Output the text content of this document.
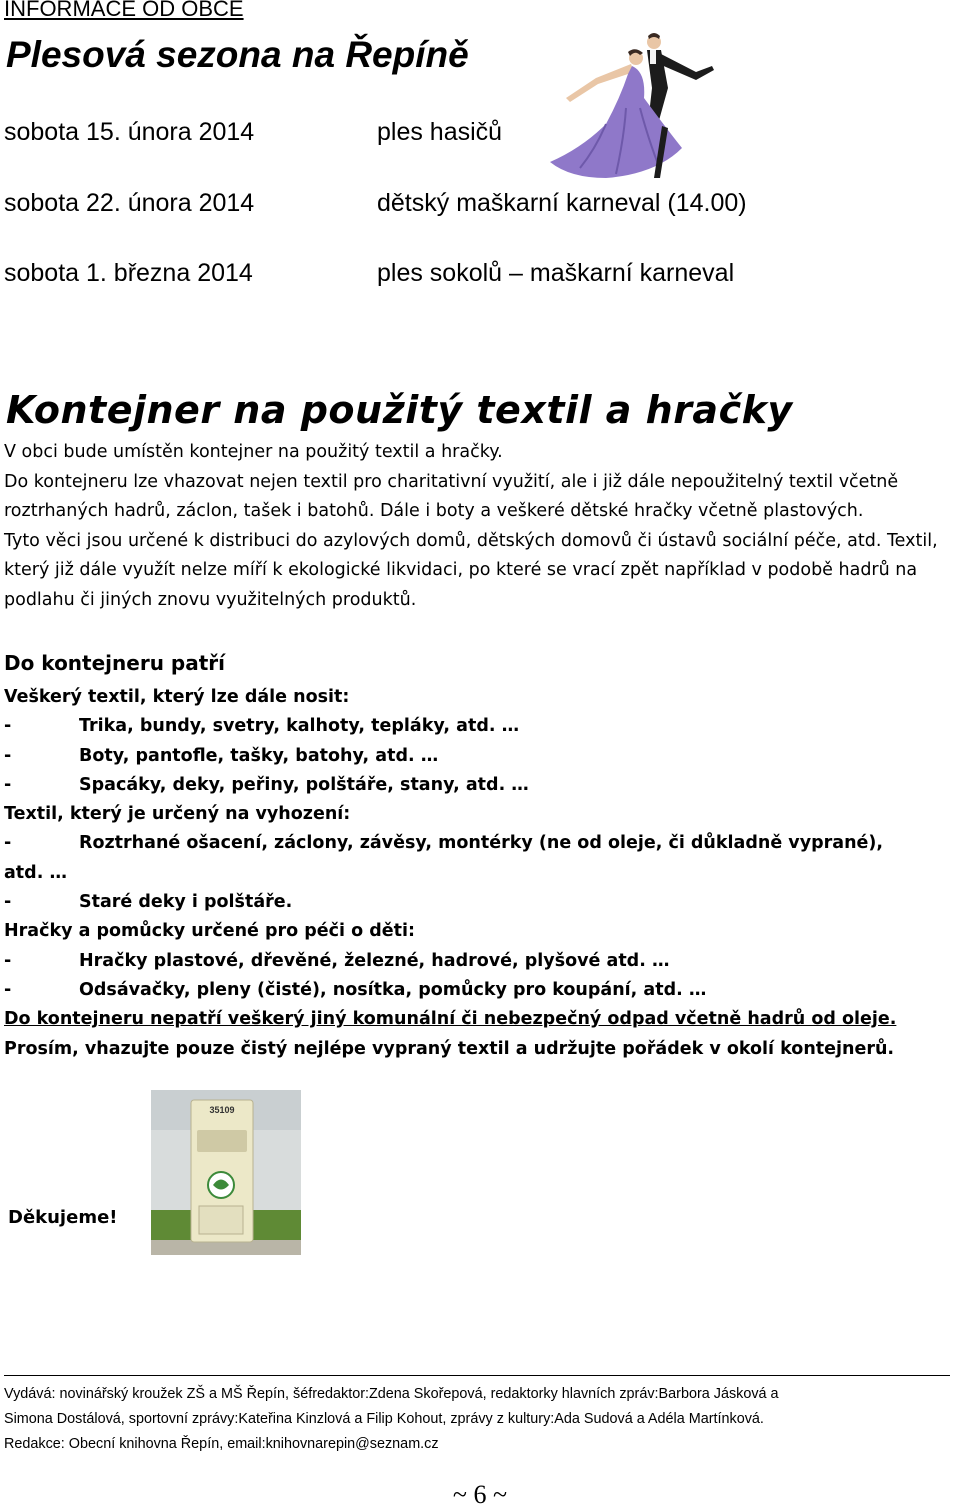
INFORMACE OD OBCE
Plesová sezona na Řepíně
sobota 15. února 2014	ples hasičů
sobota 22. února 2014	dětský maškarní karneval (14.00)
sobota 1. března 2014	ples sokolů – maškarní karneval
Kontejner na použitý textil a hračky

V obci bude umístěn kontejner na použitý textil a hračky.

Do kontejneru lze vhazovat nejen textil pro charitativní využití, ale i již dále nepoužitelný textil včetně roztrhaných hadrů, záclon, tašek i batohů. Dále i boty a veškeré dětské hračky včetně plastových.

Tyto věci jsou určené k distribuci do azylových domů, dětských domovů či ústavů sociální péče, atd. Textil, který již dále využít nelze míří k ekologické likvidaci, po které se vrací zpět například v podobě hadrů na podlahu či jiných znovu využitelných produktů.

Do kontejneru patří
Veškerý textil, který lze dále nosit:
-	Trika, bundy, svetry, kalhoty, tepláky, atd. …
-	Boty, pantofle, tašky, batohy, atd. …
-	Spacáky, deky, peřiny, polštáře, stany, atd. …
Textil, který je určený na vyhození:
-	Roztrhané ošacení, záclony, závěsy, montérky (ne od oleje, či důkladně vyprané),
atd. …
-	Staré deky i polštáře.
Hračky a pomůcky určené pro péči o děti:
-	Hračky plastové, dřevěné, železné, hadrové, plyšové atd. …
-	Odsávačky, pleny (čisté), nosítka, pomůcky pro koupání, atd. …
Do kontejneru nepatří veškerý jiný komunální či nebezpečný odpad včetně hadrů od oleje.
Prosím, vhazujte pouze čistý nejlépe vypraný textil a udržujte pořádek v okolí kontejnerů.
35109
Děkujeme!

Vydává: novinářský kroužek ZŠ a MŠ Řepín, šéfredaktor:Zdena Skořepová, redaktorky hlavních zpráv:Barbora Jásková a

Simona Dostálová, sportovní zprávy:Kateřina Kinzlová a Filip Kohout, zprávy z kultury:Ada Sudová a Adéla Martínková.

Redakce: Obecní knihovna Řepín, email:knihovnarepin@seznam.cz

~ 6 ~
